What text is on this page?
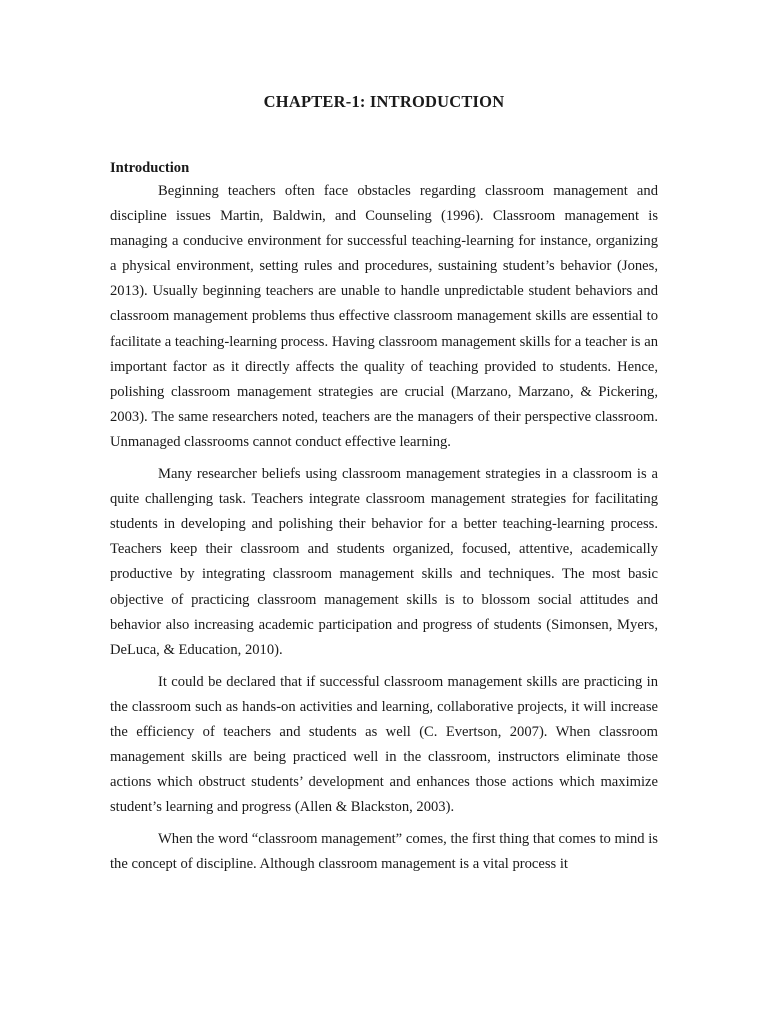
CHAPTER-1: INTRODUCTION
Introduction

Beginning teachers often face obstacles regarding classroom management and discipline issues Martin, Baldwin, and Counseling (1996). Classroom management is managing a conducive environment for successful teaching-learning for instance, organizing a physical environment, setting rules and procedures, sustaining student’s behavior (Jones, 2013). Usually beginning teachers are unable to handle unpredictable student behaviors and classroom management problems thus effective classroom management skills are essential to facilitate a teaching-learning process. Having classroom management skills for a teacher is an important factor as it directly affects the quality of teaching provided to students. Hence, polishing classroom management strategies are crucial (Marzano, Marzano, & Pickering, 2003). The same researchers noted, teachers are the managers of their perspective classroom. Unmanaged classrooms cannot conduct effective learning.

Many researcher beliefs using classroom management strategies in a classroom is a quite challenging task. Teachers integrate classroom management strategies for facilitating students in developing and polishing their behavior for a better teaching-learning process. Teachers keep their classroom and students organized, focused, attentive, academically productive by integrating classroom management skills and techniques. The most basic objective of practicing classroom management skills is to blossom social attitudes and behavior also increasing academic participation and progress of students (Simonsen, Myers, DeLuca, & Education, 2010).

It could be declared that if successful classroom management skills are practicing in the classroom such as hands-on activities and learning, collaborative projects, it will increase the efficiency of teachers and students as well (C. Evertson, 2007). When classroom management skills are being practiced well in the classroom, instructors eliminate those actions which obstruct students’ development and enhances those actions which maximize student’s learning and progress (Allen & Blackston, 2003).

When the word “classroom management” comes, the first thing that comes to mind is the concept of discipline. Although classroom management is a vital process it
